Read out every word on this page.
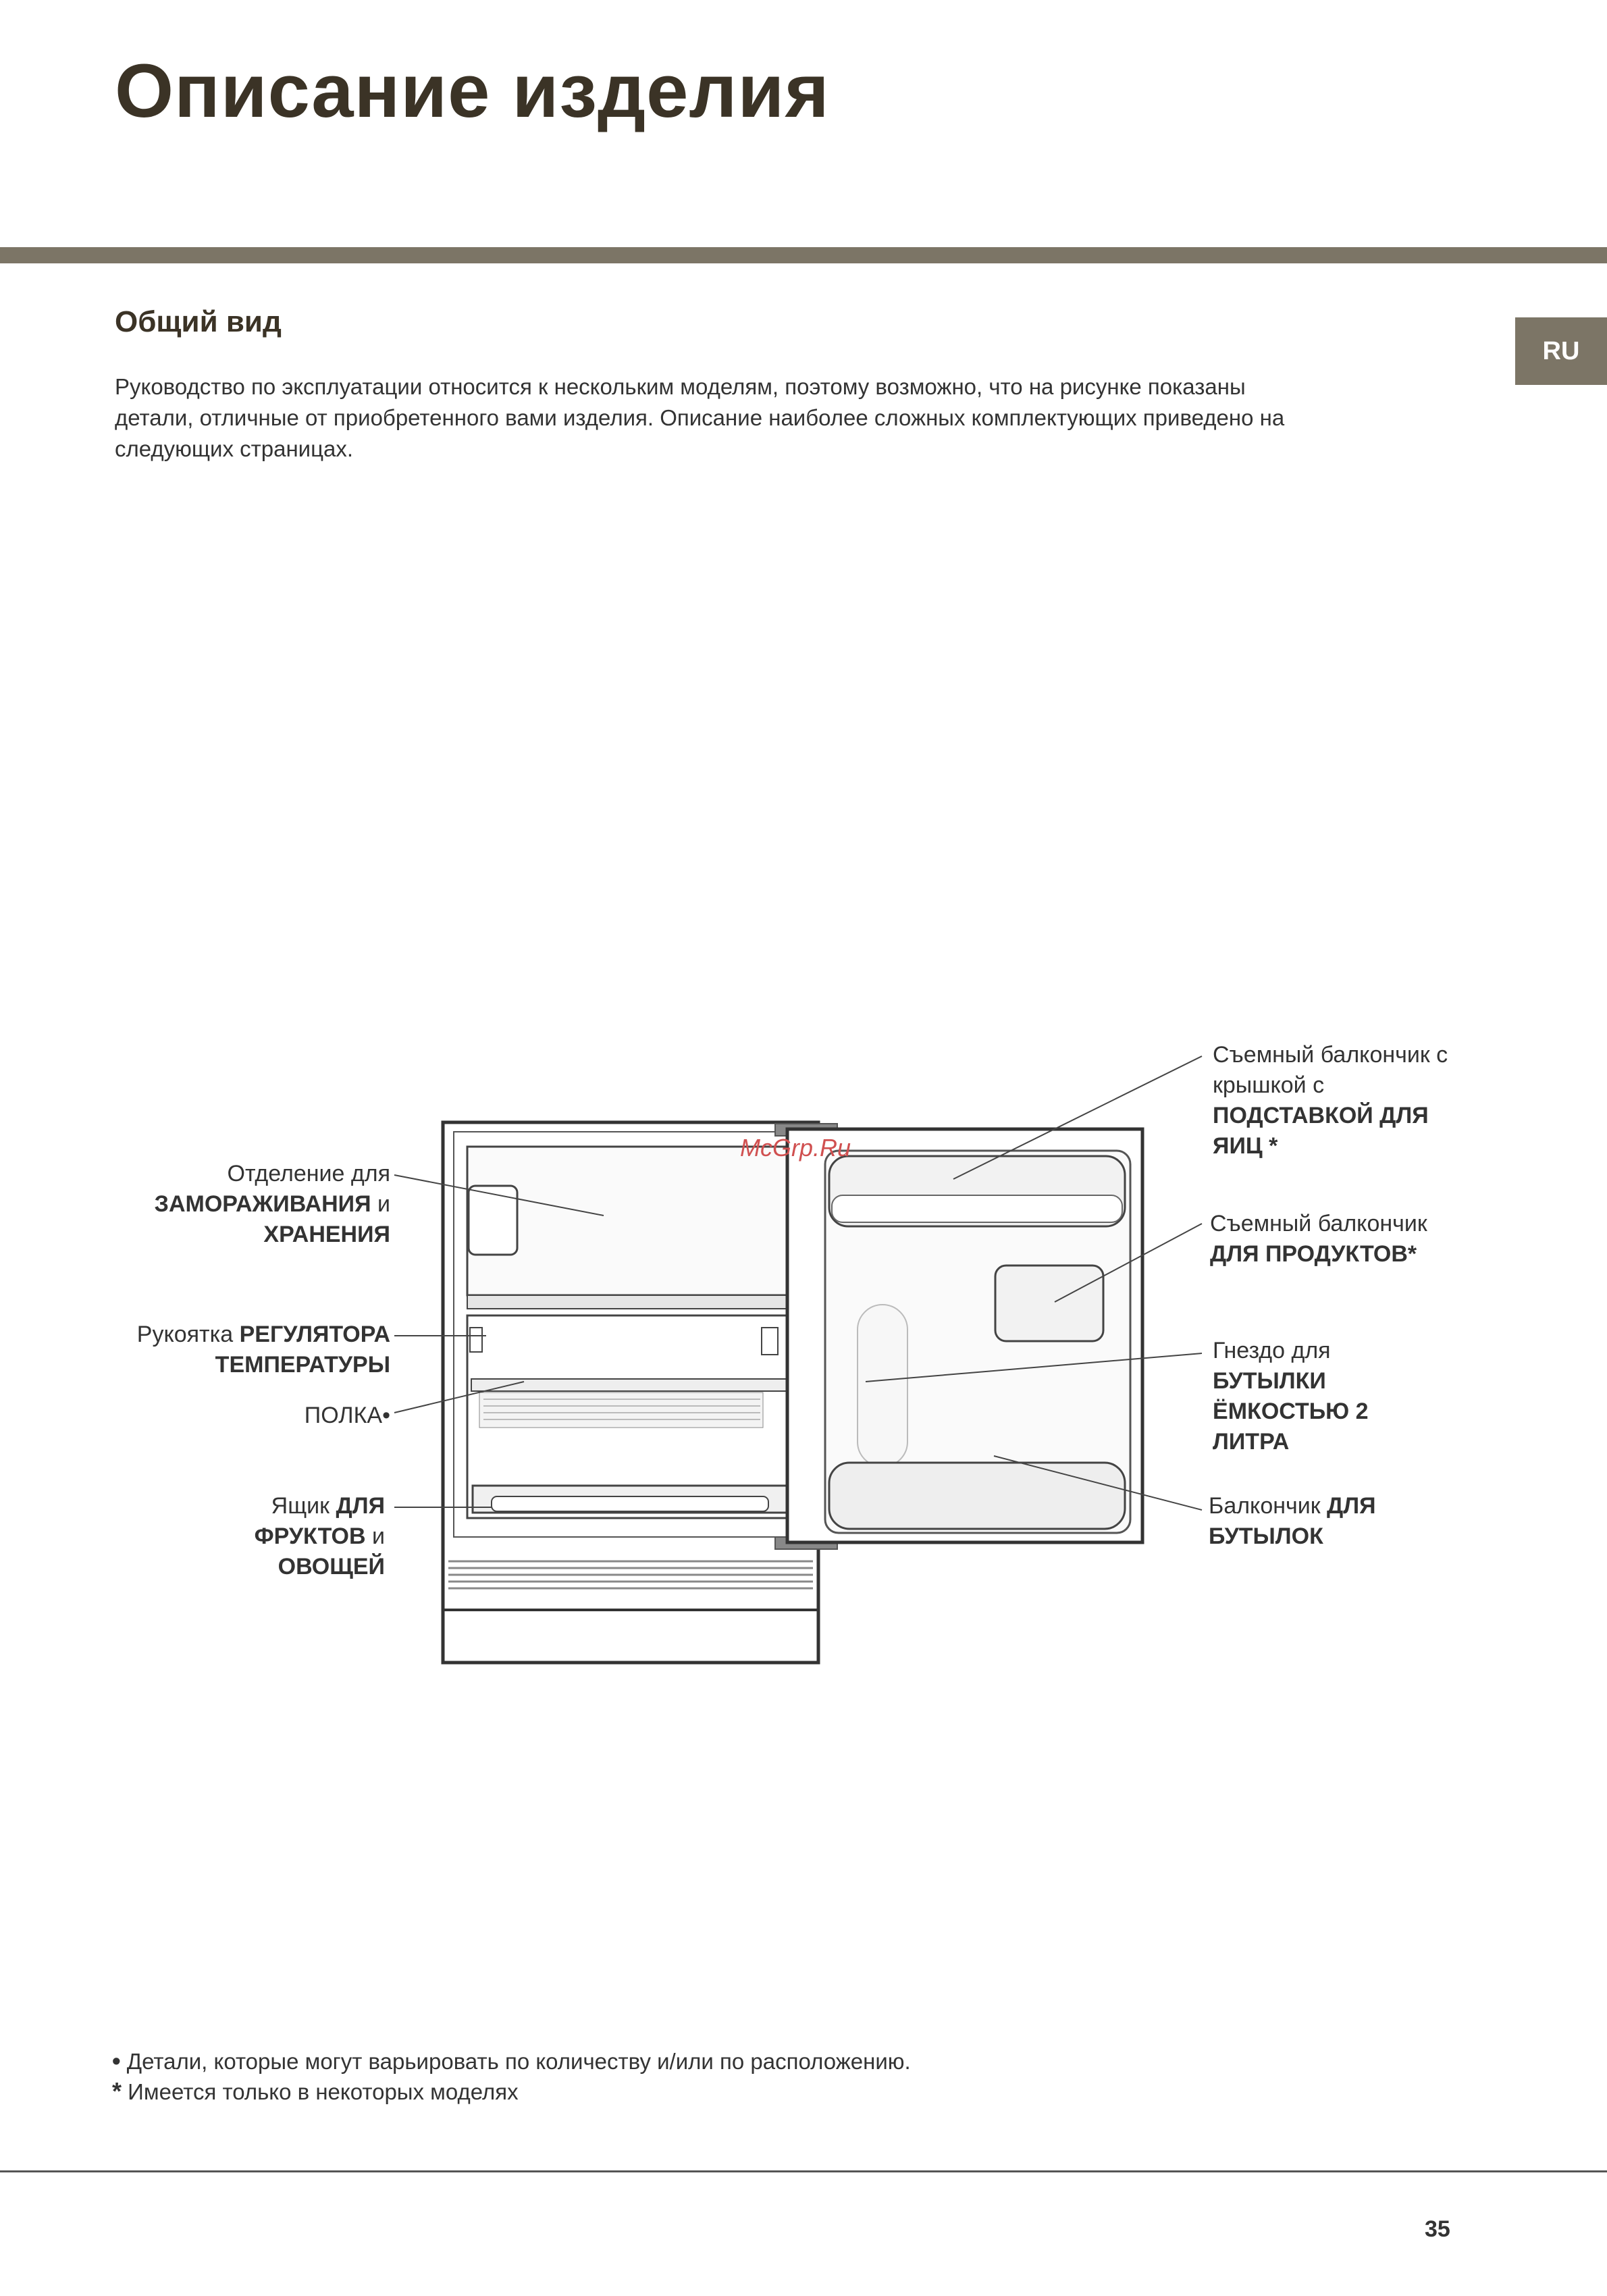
Описание изделия
RU
Общий вид
Руководство по эксплуатации относится к нескольким моделям, поэтому возможно, что на рисунке показаны
детали, отличные от приобретенного вами изделия. Описание наиболее сложных комплектующих приведено на
следующих страницах.
McGrp.Ru
Отделение для
ЗАМОРАЖИВАНИЯ и
ХРАНЕНИЯ
Рукоятка РЕГУЛЯТОРА
ТЕМПЕРАТУРЫ
ПОЛКА•
Ящик ДЛЯ
ФРУКТОВ и
ОВОЩЕЙ
Съемный балкончик с
крышкой с
ПОДСТАВКОЙ ДЛЯ
ЯИЦ *
Съемный балкончик
ДЛЯ ПРОДУКТОВ*
Гнездо для
БУТЫЛКИ
ЁМКОСТЬЮ 2
ЛИТРА
Балкончик ДЛЯ
БУТЫЛОК
• Детали, которые могут варьировать по количеству и/или по расположению.
* Имеется только в некоторых моделях
35
